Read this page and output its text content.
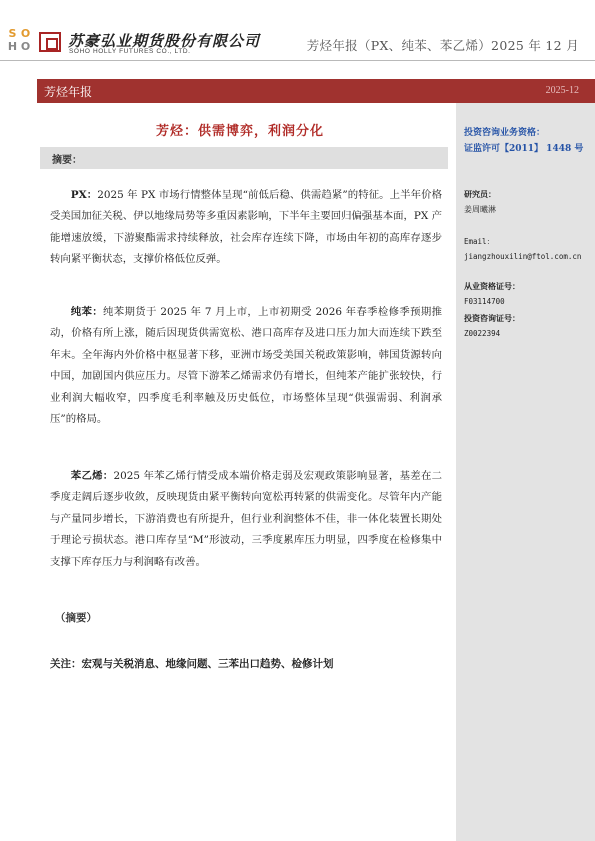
S O
H O	苏豪弘业期货股份有限公司
SOHO HOLLY FUTURES CO., LTD.	芳烃年报（PX、纯苯、苯乙烯）2025 年 12 月
芳烃年报	2025-12
投资咨询业务资格：
证监许可【2011】 1448 号
研究员：
姜周曦淋
Email：
jiangzhouxilin@ftol.com.cn
从业资格证号：
F03114700
投资咨询证号：
Z0022394
芳烃：供需博弈，利润分化
摘要：
PX：2025 年 PX 市场行情整体呈现“前低后稳、供需趋紧”的特征。上半年价格受美国加征关税、伊以地缘局势等多重因素影响，下半年主要回归偏强基本面，PX 产能增速放缓，下游聚酯需求持续释放，社会库存连续下降，市场由年初的高库存逐步转向紧平衡状态，支撑价格低位反弹。
纯苯：纯苯期货于 2025 年 7 月上市，上市初期受 2026 年春季检修季预期推动，价格有所上涨，随后因现货供需宽松、港口高库存及进口压力加大而连续下跌至年末。全年海内外价格中枢显著下移，亚洲市场受美国关税政策影响，韩国货源转向中国，加剧国内供应压力。尽管下游苯乙烯需求仍有增长，但纯苯产能扩张较快，行业利润大幅收窄，四季度毛利率触及历史低位，市场整体呈现“供强需弱、利润承压”的格局。
苯乙烯：2025 年苯乙烯行情受成本端价格走弱及宏观政策影响显著，基差在二季度走阔后逐步收敛，反映现货由紧平衡转向宽松再转紧的供需变化。尽管年内产能与产量同步增长，下游消费也有所提升，但行业利润整体不佳，非一体化装置长期处于理论亏损状态。港口库存呈“M”形波动，三季度累库压力明显，四季度在检修集中支撑下库存压力与利润略有改善。
（摘要）
关注：宏观与关税消息、地缘问题、三苯出口趋势、检修计划
